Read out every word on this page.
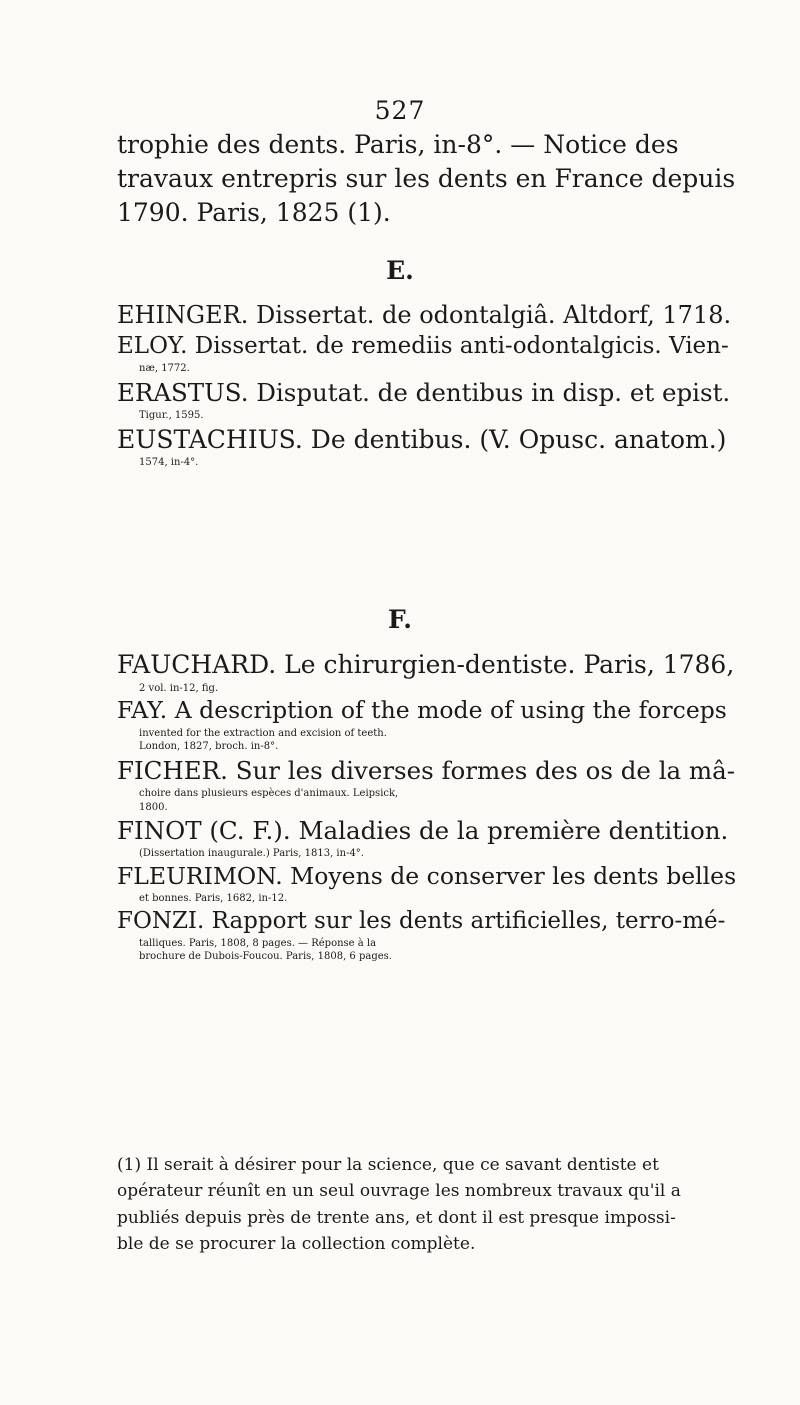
527
trophie des dents. Paris, in-8°. — Notice des
travaux entrepris sur les dents en France depuis
1790. Paris, 1825 (1).
E.
EHINGER. Dissertat. de odontalgiâ. Altdorf, 1718.
ELOY. Dissertat. de remediis anti-odontalgicis. Vien-
næ, 1772.
ERASTUS. Disputat. de dentibus in disp. et epist.
Tigur., 1595.
EUSTACHIUS. De dentibus. (V. Opusc. anatom.)
1574, in-4°.
F.
FAUCHARD. Le chirurgien-dentiste. Paris, 1786,
2 vol. in-12, fig.
FAY. A description of the mode of using the forceps
invented for the extraction and excision of teeth.
London, 1827, broch. in-8°.
FICHER. Sur les diverses formes des os de la mâ-
choire dans plusieurs espèces d'animaux. Leipsick,
1800.
FINOT (C. F.). Maladies de la première dentition.
(Dissertation inaugurale.) Paris, 1813, in-4°.
FLEURIMON. Moyens de conserver les dents belles
et bonnes. Paris, 1682, in-12.
FONZI. Rapport sur les dents artificielles, terro-mé-
talliques. Paris, 1808, 8 pages. — Réponse à la
brochure de Dubois-Foucou. Paris, 1808, 6 pages.
(1) Il serait à désirer pour la science, que ce savant dentiste et
opérateur réunît en un seul ouvrage les nombreux travaux qu'il a
publiés depuis près de trente ans, et dont il est presque impossi-
ble de se procurer la collection complète.
